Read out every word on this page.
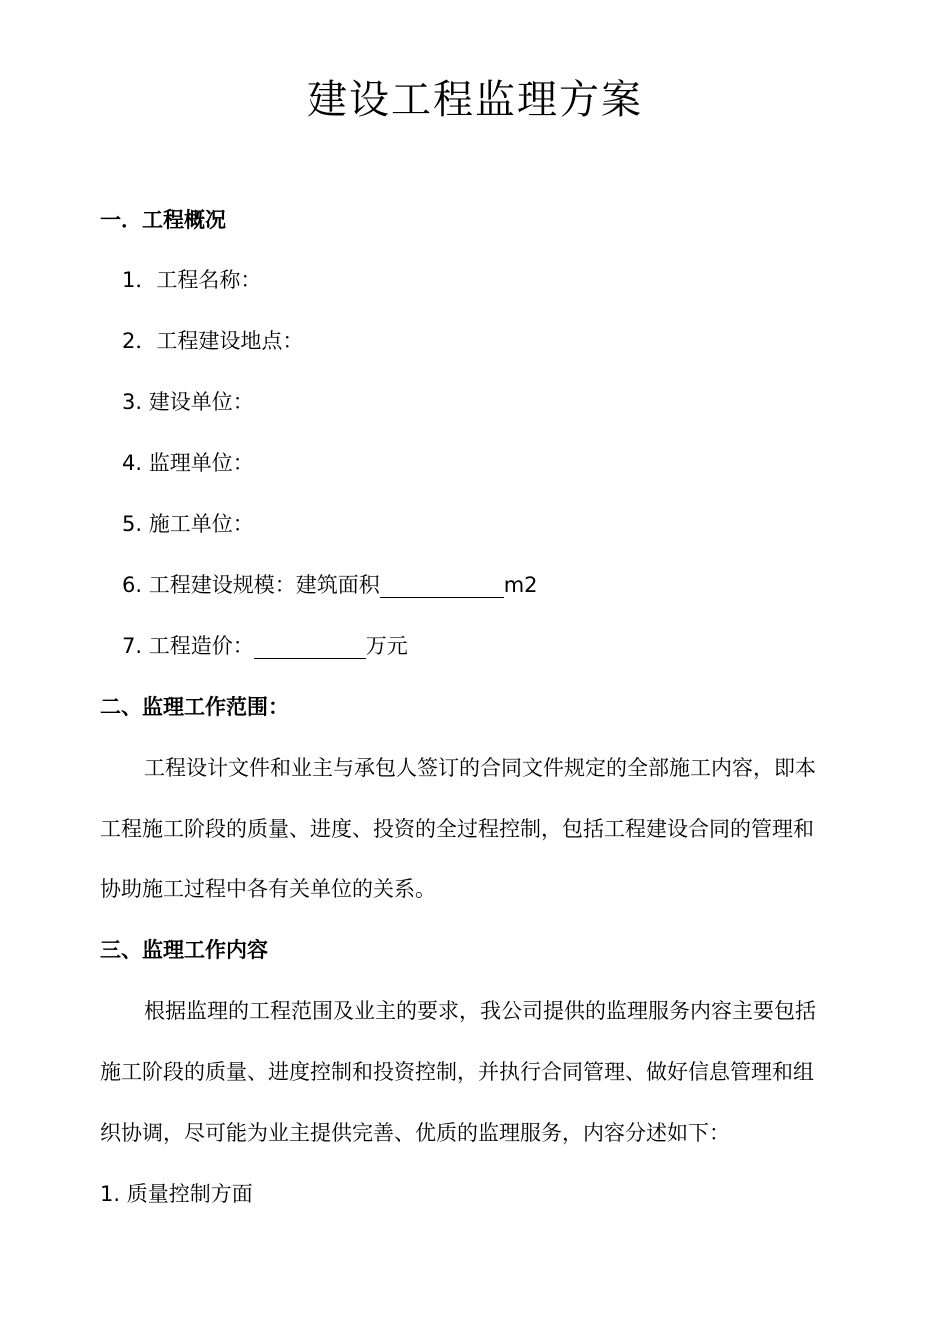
建设工程监理方案
一．工程概况
1．工程名称：
2．工程建设地点：
3. 建设单位：
4. 监理单位：
5. 施工单位：
6. 工程建设规模：建筑面积	m2
7. 工程造价：	万元
二、监理工作范围：
工程设计文件和业主与承包人签订的合同文件规定的全部施工内容，即本
工程施工阶段的质量、进度、投资的全过程控制，包括工程建设合同的管理和
协助施工过程中各有关单位的关系。
三、监理工作内容
根据监理的工程范围及业主的要求，我公司提供的监理服务内容主要包括
施工阶段的质量、进度控制和投资控制，并执行合同管理、做好信息管理和组
织协调，尽可能为业主提供完善、优质的监理服务，内容分述如下：
1. 质量控制方面
